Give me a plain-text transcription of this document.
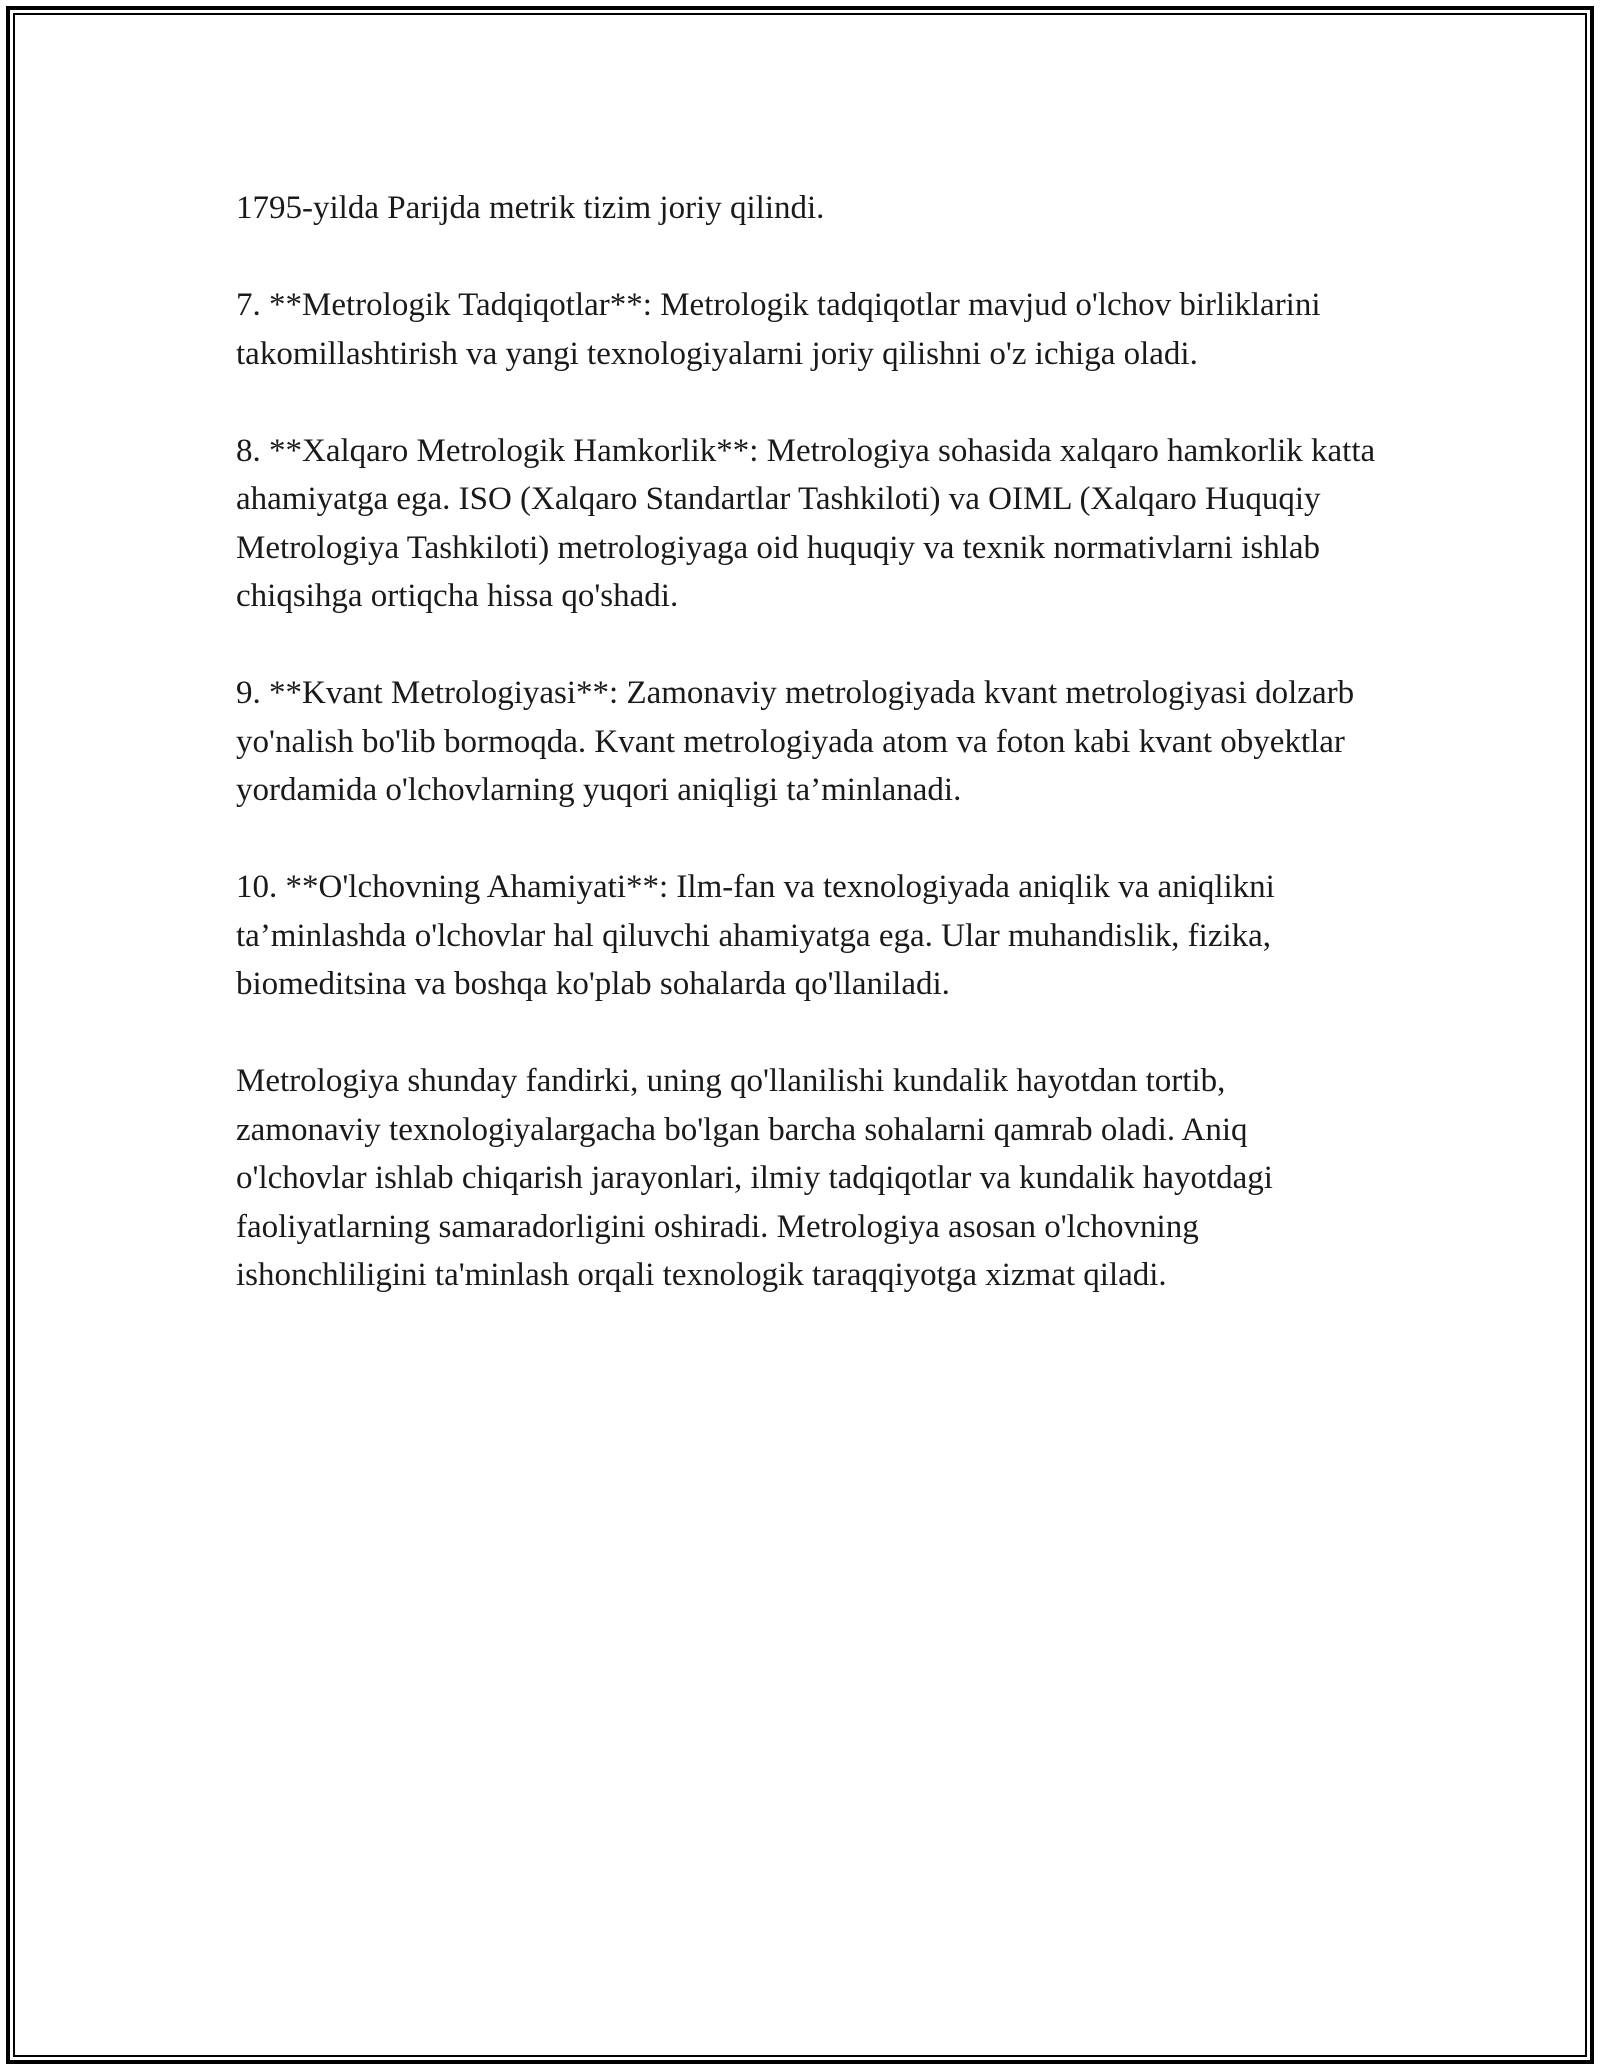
1795-yilda Parijda metrik tizim joriy qilindi.

7. **Metrologik Tadqiqotlar**: Metrologik tadqiqotlar mavjud o'lchov birliklarini takomillashtirish va yangi texnologiyalarni joriy qilishni o'z ichiga oladi.

8. **Xalqaro Metrologik Hamkorlik**: Metrologiya sohasida xalqaro hamkorlik katta ahamiyatga ega. ISO (Xalqaro Standartlar Tashkiloti) va OIML (Xalqaro Huquqiy Metrologiya Tashkiloti) metrologiyaga oid huquqiy va texnik normativlarni ishlab chiqsihga ortiqcha hissa qo'shadi.

9. **Kvant Metrologiyasi**: Zamonaviy metrologiyada kvant metrologiyasi dolzarb yo'nalish bo'lib bormoqda. Kvant metrologiyada atom va foton kabi kvant obyektlar yordamida o'lchovlarning yuqori aniqligi ta’minlanadi.

10. **O'lchovning Ahamiyati**: Ilm-fan va texnologiyada aniqlik va aniqlikni ta’minlashda o'lchovlar hal qiluvchi ahamiyatga ega. Ular muhandislik, fizika, biomeditsina va boshqa ko'plab sohalarda qo'llaniladi.

Metrologiya shunday fandirki, uning qo'llanilishi kundalik hayotdan tortib, zamonaviy texnologiyalargacha bo'lgan barcha sohalarni qamrab oladi. Aniq o'lchovlar ishlab chiqarish jarayonlari, ilmiy tadqiqotlar va kundalik hayotdagi faoliyatlarning samaradorligini oshiradi. Metrologiya asosan o'lchovning ishonchliligini ta'minlash orqali texnologik taraqqiyotga xizmat qiladi.
